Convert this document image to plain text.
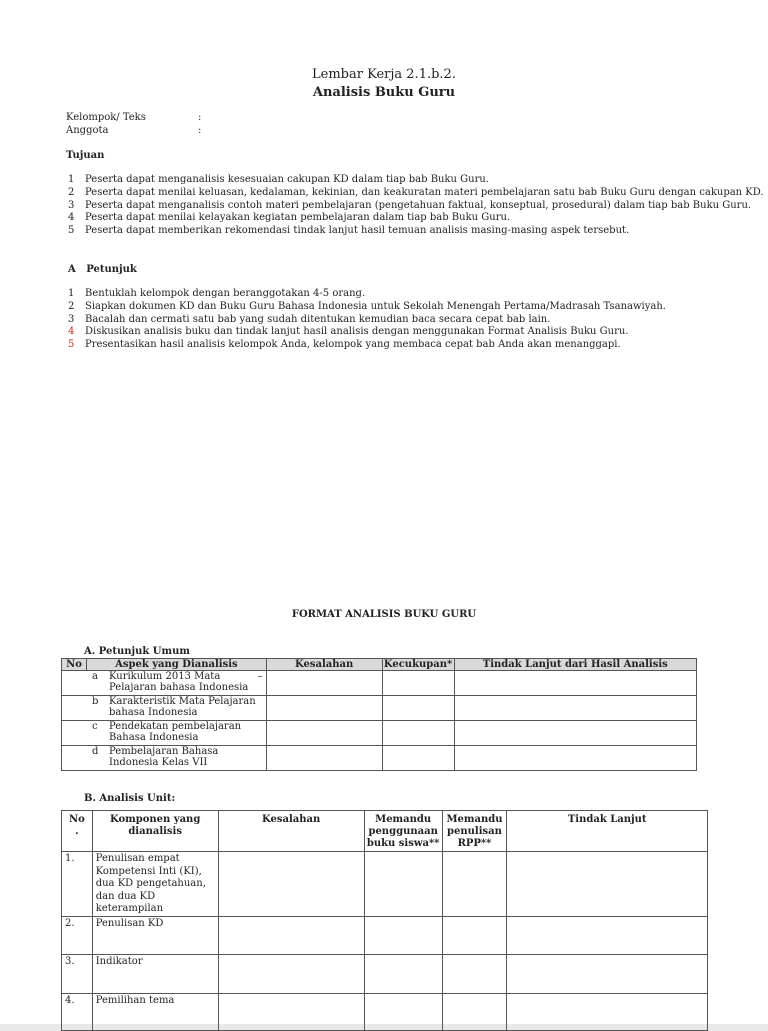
Lembar Kerja 2.1.b.2.
Analisis Buku Guru
Kelompok/ Teks	:
Anggota	:
Tujuan
1 Peserta dapat menganalisis kesesuaian cakupan KD dalam tiap bab Buku Guru.
2 Peserta dapat menilai keluasan, kedalaman, kekinian, dan keakuratan materi pembelajaran satu bab Buku Guru dengan cakupan KD.
3 Peserta dapat menganalisis contoh materi pembelajaran (pengetahuan faktual, konseptual, prosedural) dalam tiap bab Buku Guru.
4 Peserta dapat menilai kelayakan kegiatan pembelajaran dalam tiap bab Buku Guru.
5 Peserta dapat memberikan rekomendasi tindak lanjut hasil temuan analisis masing-masing aspek tersebut.
A Petunjuk
1 Bentuklah kelompok dengan beranggotakan 4-5 orang.
2 Siapkan dokumen KD dan Buku Guru Bahasa Indonesia untuk Sekolah Menengah Pertama/Madrasah Tsanawiyah.
3 Bacalah dan cermati satu bab yang sudah ditentukan kemudian baca secara cepat bab lain.
4 Diskusikan analisis buku dan tindak lanjut hasil analisis dengan menggunakan Format Analisis Buku Guru.
5 Presentasikan hasil analisis kelompok Anda, kelompok yang membaca cepat bab Anda akan menanggapi.
FORMAT ANALISIS BUKU GURU
A. Petunjuk Umum
No	Aspek yang Dianalisis	Kesalahan	Kecukupan*	Tindak Lanjut dari Hasil Analisis

a Kurikulum 2013 Mata Pelajaran bahasa Indonesia
–				

b Karakteristik Mata Pelajaran bahasa Indonesia				

c Pendekatan pembelajaran Bahasa Indonesia				

d Pembelajaran Bahasa Indonesia Kelas VII				

B. Analisis Unit:
No .	Komponen yang dianalisis	Kesalahan	Memandu penggunaan buku siswa**	Memandu penulisan RPP**	Tindak Lanjut
1.	Penulisan empat Kompetensi Inti (KI), dua KD pengetahuan, dan dua KD keterampilan				
2.	Penulisan KD				
3.	Indikator				
4.	Pemilihan tema				
